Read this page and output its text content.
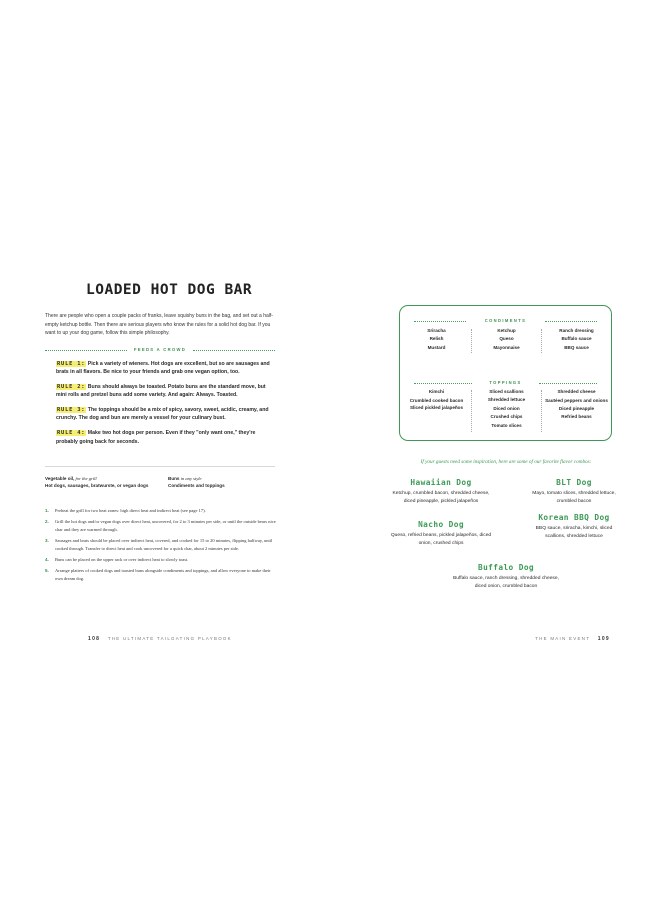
LOADED HOT DOG BAR

There are people who open a couple packs of franks, leave squishy buns in the bag, and set out a half-empty ketchup bottle. Then there are serious players who know the rules for a solid hot dog bar. If you want to up your dog game, follow this simple philosophy.

FEEDS A CROWD

RULE 1: Pick a variety of wieners. Hot dogs are excellent, but so are sausages and brats in all flavors. Be nice to your friends and grab one vegan option, too.

RULE 2: Buns should always be toasted. Potato buns are the standard move, but mini rolls and pretzel buns add some variety. And again: Always. Toasted.

RULE 3: The toppings should be a mix of spicy, savory, sweet, acidic, creamy, and crunchy. The dog and bun are merely a vessel for your culinary bust.

RULE 4: Make two hot dogs per person. Even if they "only want one," they're probably going back for seconds.

Vegetable oil, for the grill
Hot dogs, sausages, bratwurste, or vegan dogs
Buns in any style
Condiments and toppings
1. Preheat the grill for two heat zones: high direct heat and indirect heat (see page 17).
2. Grill the hot dogs and/or vegan dogs over direct heat, uncovered, for 2 to 3 minutes per side, or until the outside bears nice char and they are warmed through.
3. Sausages and brats should be placed over indirect heat, covered, and cooked for 15 to 20 minutes, flipping halfway, until cooked through. Transfer to direct heat and cook uncovered for a quick char, about 2 minutes per side.
4. Buns can be placed on the upper rack or over indirect heat to slowly toast.
5. Arrange platters of cooked dogs and toasted buns alongside condiments and toppings, and allow everyone to make their own dream dog.
108 THE ULTIMATE TAILGATING PLAYBOOK
CONDIMENTS
Sriracha
Relish
Mustard
Ketchup
Queso
Mayonnaise
Ranch dressing
Buffalo sauce
BBQ sauce
TOPPINGS
Kimchi
Crumbled cooked bacon
Sliced pickled jalapeños
Sliced scallions
Shredded lettuce
Diced onion
Crushed chips
Tomato slices
Shredded cheese
Sautéed peppers and onions
Diced pineapple
Refried beans
If your guests need some inspiration, here are some of our favorite flavor combos:
Hawaiian Dog
Ketchup, crumbled bacon, shredded cheese, diced pineapple, pickled jalapeños
BLT Dog
Mayo, tomato slices, shredded lettuce, crumbled bacon
Nacho Dog
Queso, refried beans, pickled jalapeños, diced onion, crushed chips
Korean BBQ Dog
BBQ sauce, sriracha, kimchi, sliced scallions, shredded lettuce
Buffalo Dog
Buffalo sauce, ranch dressing, shredded cheese, diced onion, crumbled bacon
THE MAIN EVENT 109
